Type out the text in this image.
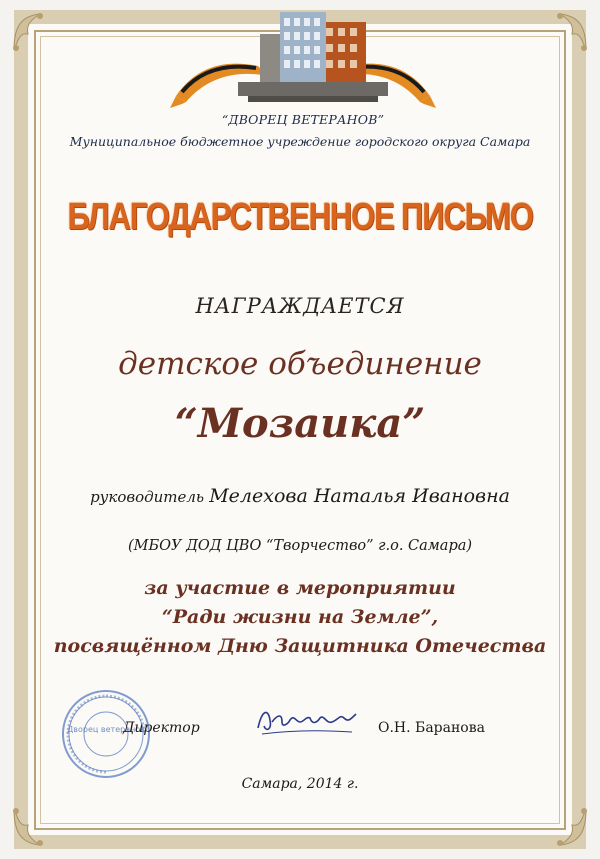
“ДВОРЕЦ ВЕТЕРАНОВ”
Муниципальное бюджетное учреждение городского округа Самара
БЛАГОДАРСТВЕННОЕ ПИСЬМО
НАГРАЖДАЕТСЯ
детское объединение
“Мозаика”
руководитель Мелехова Наталья Ивановна
(МБОУ ДОД ЦВО “Творчество” г.о. Самара)
за участие в мероприятии
“Ради жизни на Земле”,
посвящённом Дню Защитника Отечества
Дворец ветеранов
Директор	О.Н. Баранова
Самара, 2014 г.
